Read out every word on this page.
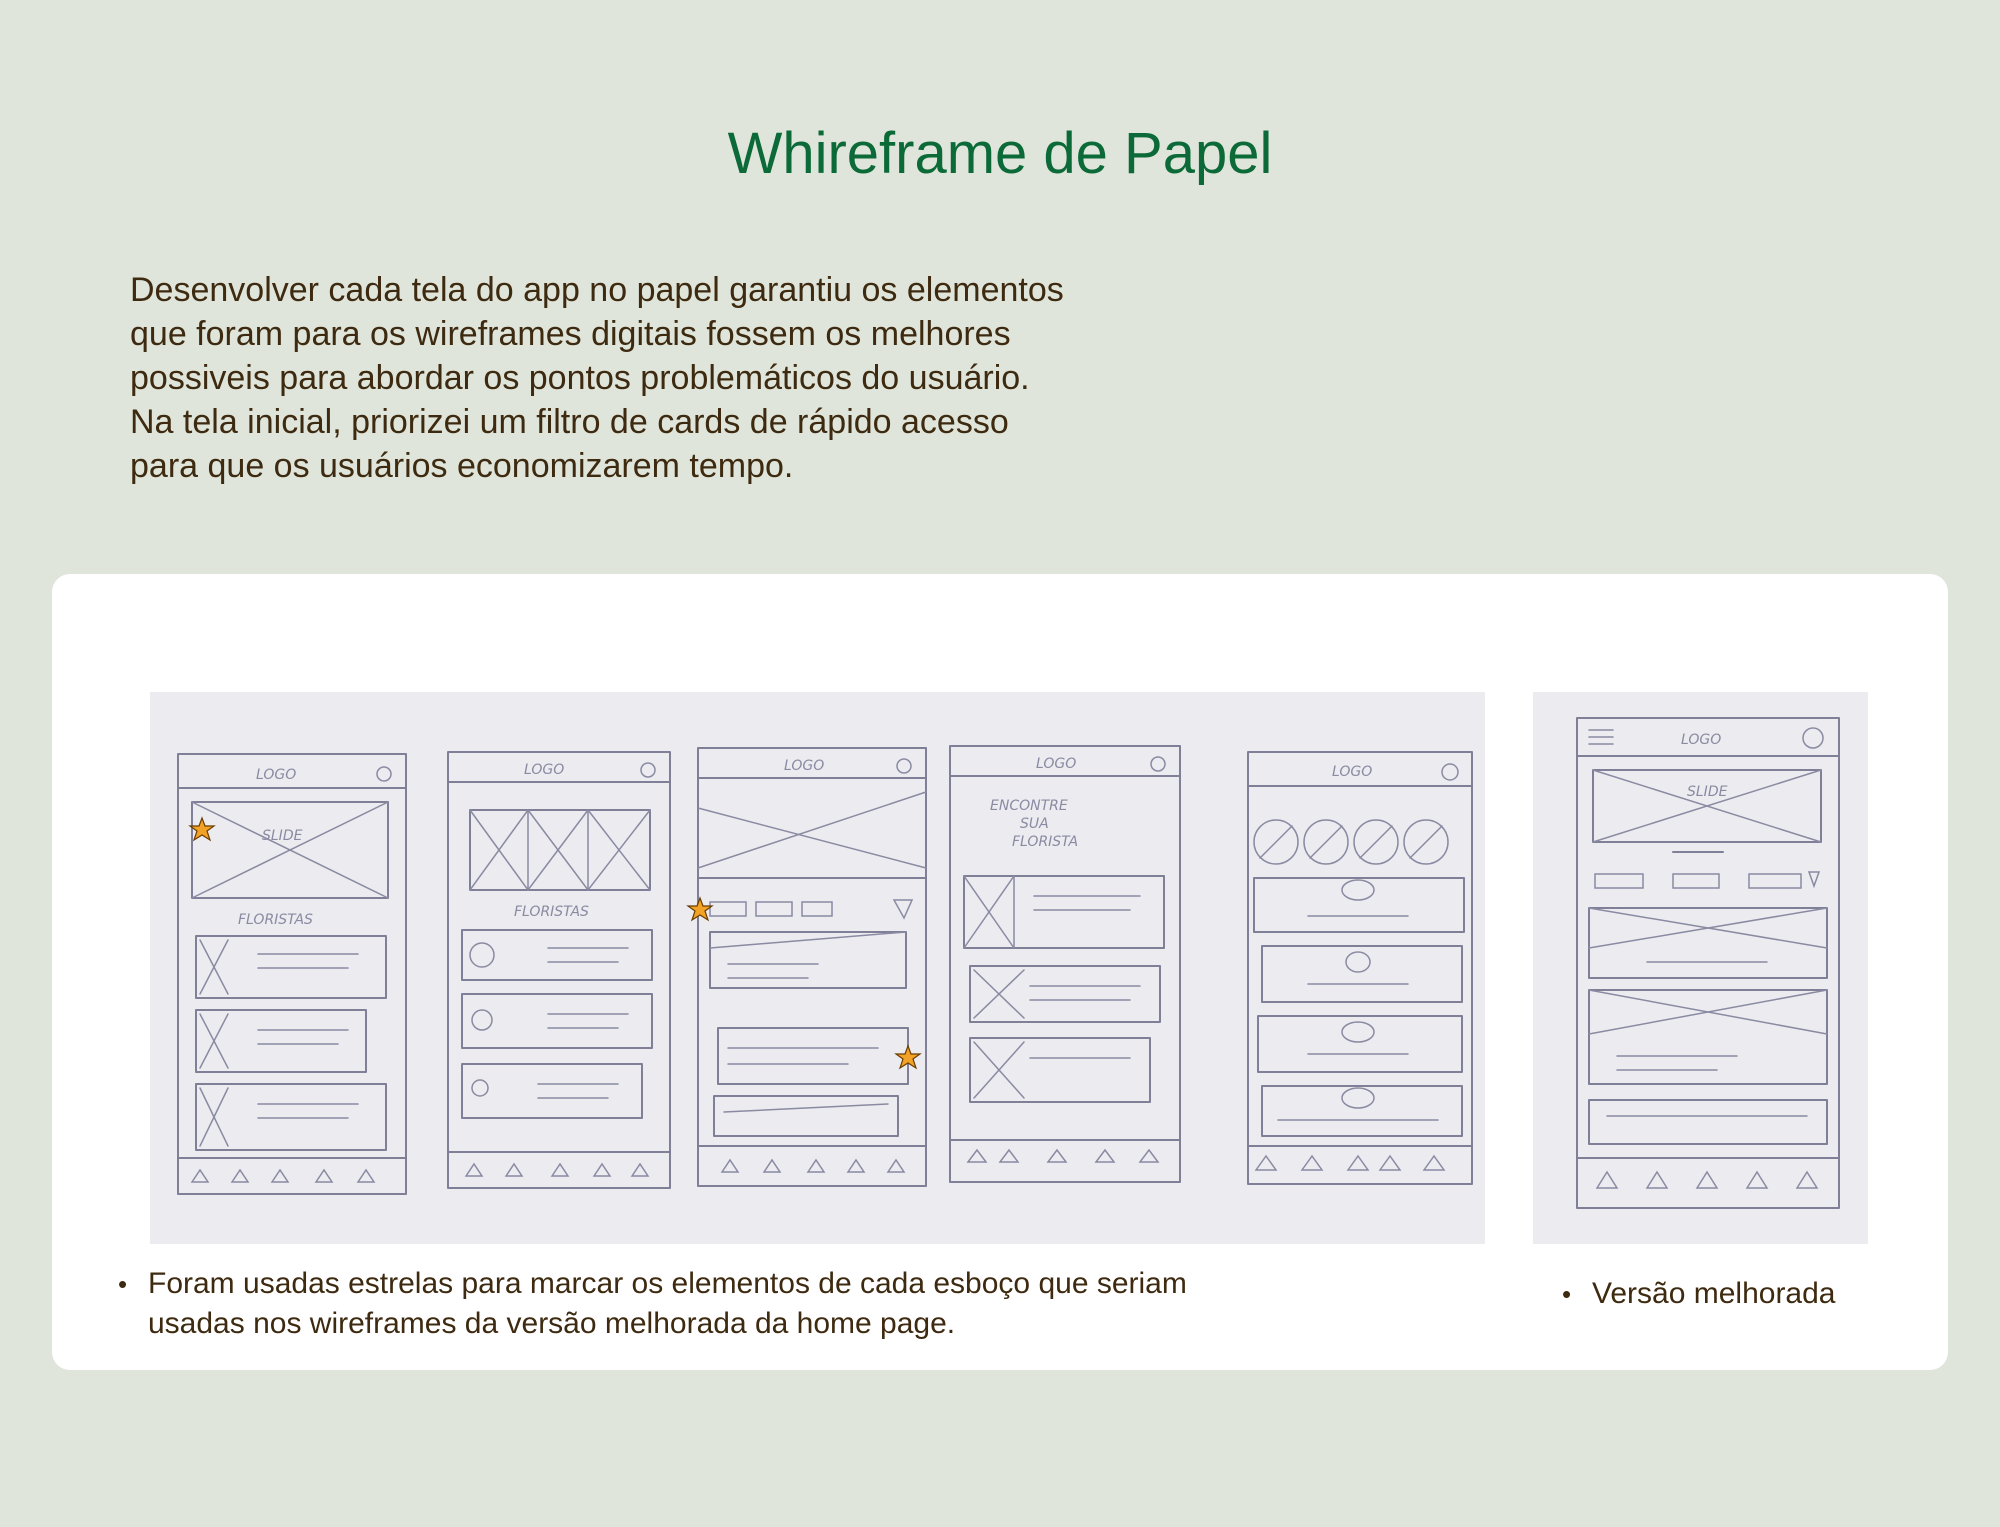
Whireframe de Papel

Desenvolver cada tela do app no papel garantiu os elementos

que foram para os wireframes digitais fossem os melhores

possiveis para abordar os pontos problemáticos do usuário.

Na tela inicial, priorizei um filtro de cards de rápido acesso

para que os usuários economizarem tempo.

LOGO
SLIDE
FLORISTAS
LOGO
FLORISTAS
LOGO	LOGO
ENCONTRE
SUA
FLORISTA
LOGO
LOGO
SLIDE
• Foram usadas estrelas para marcar os elementos de cada esboço que seriam usadas nos wireframes da versão melhorada da home page.
• Versão melhorada
